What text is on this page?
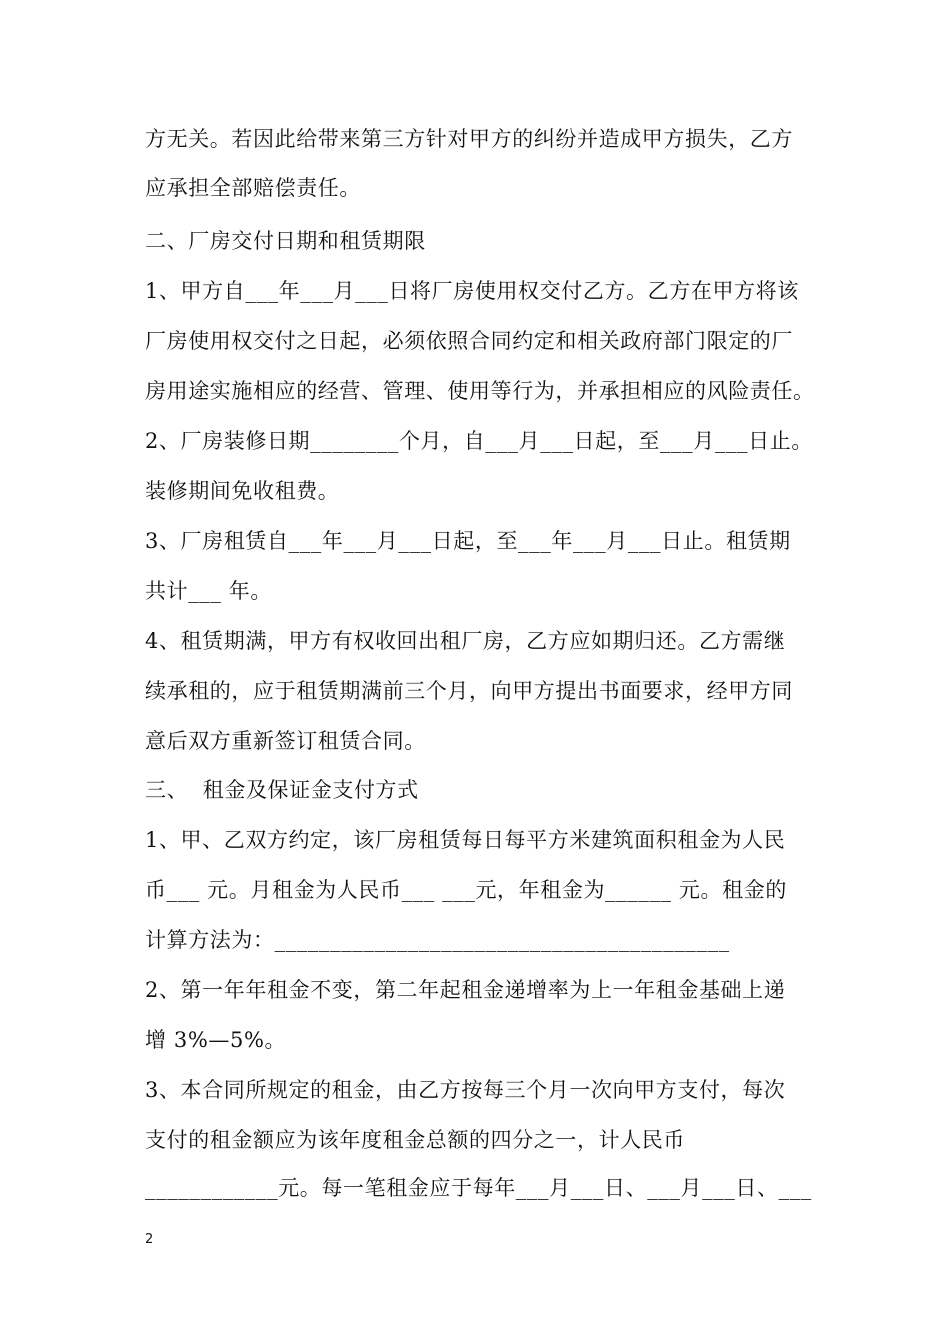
方无关。若因此给带来第三方针对甲方的纠纷并造成甲方损失，乙方
应承担全部赔偿责任。
二、厂房交付日期和租赁期限
1、甲方自___年___月___日将厂房使用权交付乙方。乙方在甲方将该
厂房使用权交付之日起，必须依照合同约定和相关政府部门限定的厂
房用途实施相应的经营、管理、使用等行为，并承担相应的风险责任。
2、厂房装修日期________个月，自___月___日起，至___月___日止。
装修期间免收租费。
3、厂房租赁自___年___月___日起，至___年___月___日止。租赁期
共计___ 年。
4、租赁期满，甲方有权收回出租厂房，乙方应如期归还。乙方需继
续承租的，应于租赁期满前三个月，向甲方提出书面要求，经甲方同
意后双方重新签订租赁合同。
三、  租金及保证金支付方式
1、甲、乙双方约定，该厂房租赁每日每平方米建筑面积租金为人民
币___ 元。月租金为人民币___ ___元，年租金为______ 元。租金的
计算方法为：_________________________________________
2、第一年年租金不变，第二年起租金递增率为上一年租金基础上递
增 3%—5%。
3、本合同所规定的租金，由乙方按每三个月一次向甲方支付，每次
支付的租金额应为该年度租金总额的四分之一，计人民币
____________元。每一笔租金应于每年___月___日、___月___日、___
2
